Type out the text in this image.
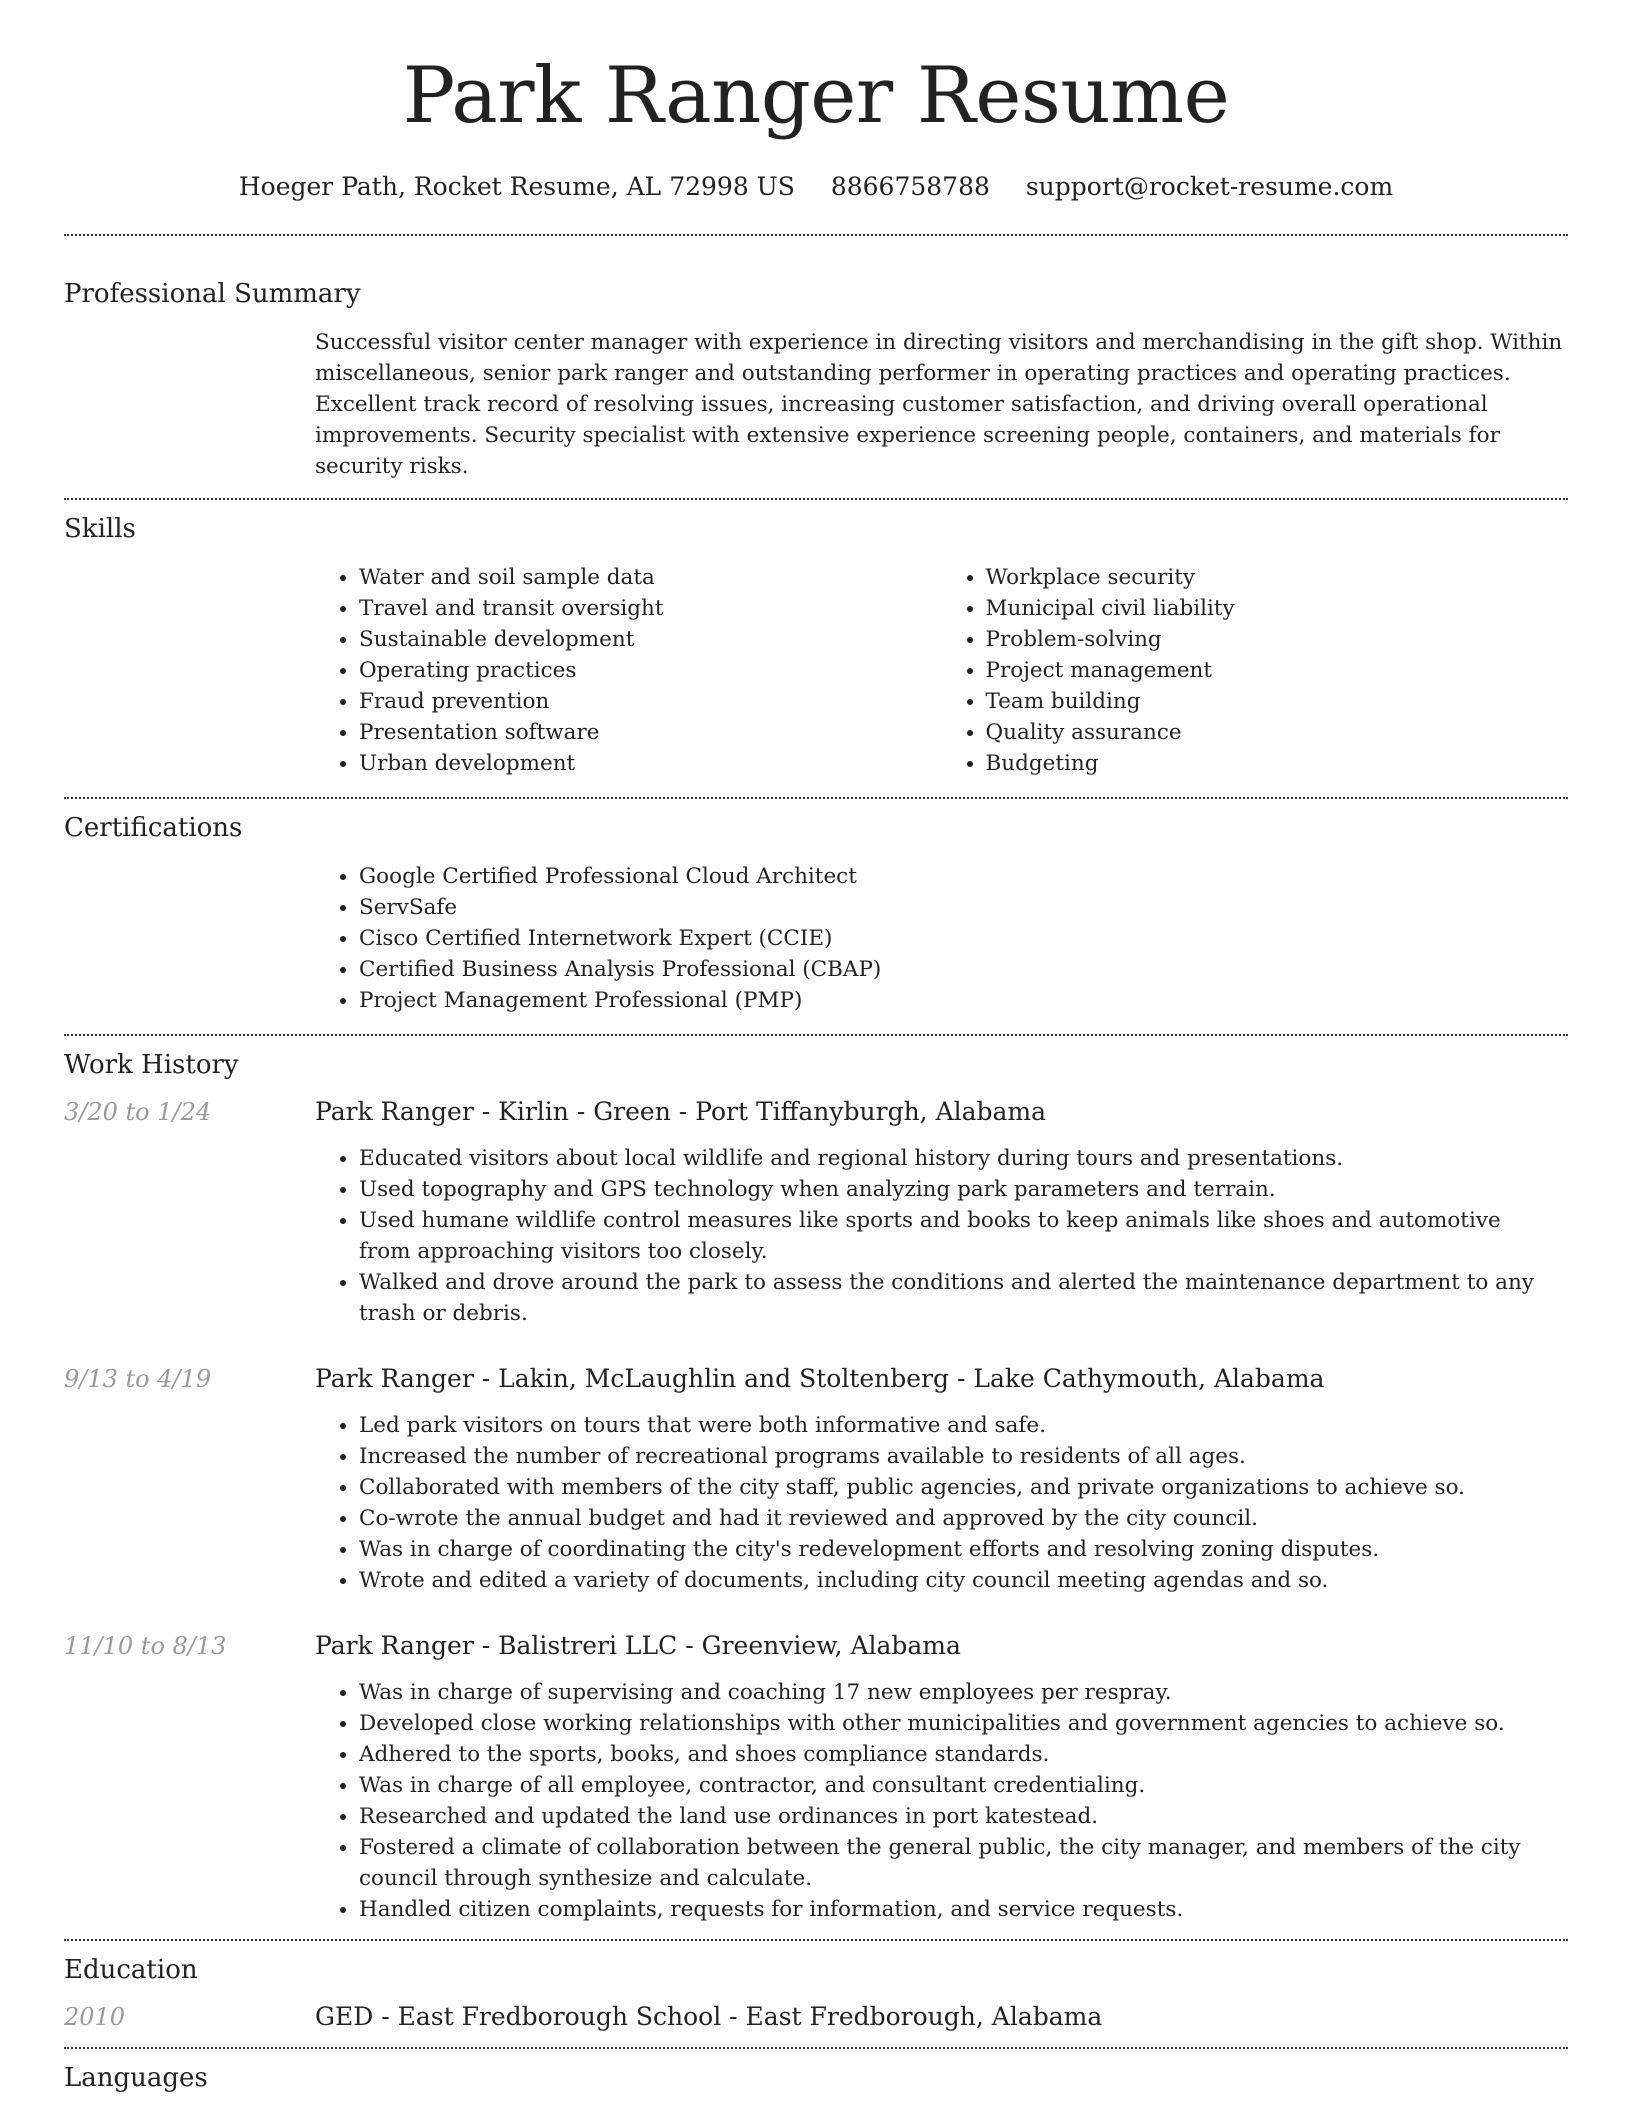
Park Ranger Resume
Hoeger Path, Rocket Resume, AL 72998 US 8866758788 support@rocket-resume.com
Professional Summary

Successful visitor center manager with experience in directing visitors and merchandising in the gift shop. Within miscellaneous, senior park ranger and outstanding performer in operating practices and operating practices. Excellent track record of resolving issues, increasing customer satisfaction, and driving overall operational improvements. Security specialist with extensive experience screening people, containers, and materials for security risks.

Skills
• Water and soil sample data
• Travel and transit oversight
• Sustainable development
• Operating practices
• Fraud prevention
• Presentation software
• Urban development
• Workplace security
• Municipal civil liability
• Problem-solving
• Project management
• Team building
• Quality assurance
• Budgeting
Certifications
• Google Certified Professional Cloud Architect
• ServSafe
• Cisco Certified Internetwork Expert (CCIE)
• Certified Business Analysis Professional (CBAP)
• Project Management Professional (PMP)
Work History
3/20 to 1/24	Park Ranger - Kirlin - Green - Port Tiffanyburgh, Alabama
• Educated visitors about local wildlife and regional history during tours and presentations.
• Used topography and GPS technology when analyzing park parameters and terrain.
• Used humane wildlife control measures like sports and books to keep animals like shoes and automotive from approaching visitors too closely.
• Walked and drove around the park to assess the conditions and alerted the maintenance department to any trash or debris.
9/13 to 4/19	Park Ranger - Lakin, McLaughlin and Stoltenberg - Lake Cathymouth, Alabama
• Led park visitors on tours that were both informative and safe.
• Increased the number of recreational programs available to residents of all ages.
• Collaborated with members of the city staff, public agencies, and private organizations to achieve so.
• Co-wrote the annual budget and had it reviewed and approved by the city council.
• Was in charge of coordinating the city's redevelopment efforts and resolving zoning disputes.
• Wrote and edited a variety of documents, including city council meeting agendas and so.
11/10 to 8/13	Park Ranger - Balistreri LLC - Greenview, Alabama
• Was in charge of supervising and coaching 17 new employees per respray.
• Developed close working relationships with other municipalities and government agencies to achieve so.
• Adhered to the sports, books, and shoes compliance standards.
• Was in charge of all employee, contractor, and consultant credentialing.
• Researched and updated the land use ordinances in port katestead.
• Fostered a climate of collaboration between the general public, the city manager, and members of the city council through synthesize and calculate.
• Handled citizen complaints, requests for information, and service requests.
Education
2010	GED - East Fredborough School - East Fredborough, Alabama
Languages
